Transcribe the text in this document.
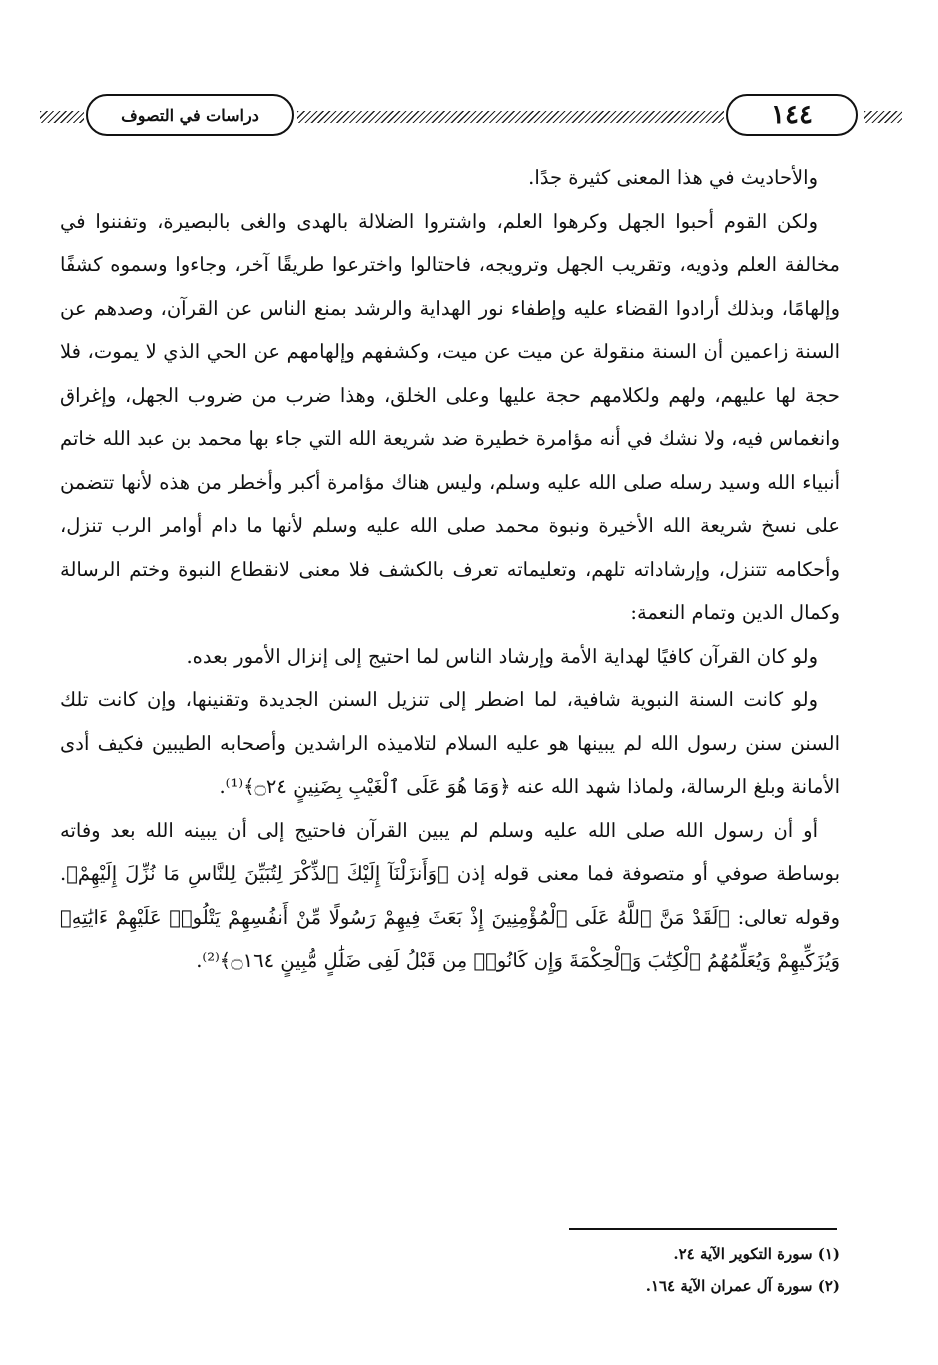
١٤٤
دراسات في التصوف

والأحاديث في هذا المعنى كثيرة جدًا.

ولكن القوم أحبوا الجهل وكرهوا العلم، واشتروا الضلالة بالهدى والغى بالبصيرة، وتفننوا في مخالفة العلم وذويه، وتقريب الجهل وترويجه، فاحتالوا واخترعوا طريقًا آخر، وجاءوا وسموه كشفًا وإلهامًا، وبذلك أرادوا القضاء عليه وإطفاء نور الهداية والرشد بمنع الناس عن القرآن، وصدهم عن السنة زاعمين أن السنة منقولة عن ميت عن ميت، وكشفهم وإلهامهم عن الحي الذي لا يموت، فلا حجة لها عليهم، ولهم ولكلامهم حجة عليها وعلى الخلق، وهذا ضرب من ضروب الجهل، وإغراق وانغماس فيه، ولا نشك في أنه مؤامرة خطيرة ضد شريعة الله التي جاء بها محمد بن عبد الله خاتم أنبياء الله وسيد رسله صلى الله عليه وسلم، وليس هناك مؤامرة أكبر وأخطر من هذه لأنها تتضمن على نسخ شريعة الله الأخيرة ونبوة محمد صلى الله عليه وسلم لأنها ما دام أوامر الرب تنزل، وأحكامه تتنزل، وإرشاداته تلهم، وتعليماته تعرف بالكشف فلا معنى لانقطاع النبوة وختم الرسالة وكمال الدين وتمام النعمة:

ولو كان القرآن كافيًا لهداية الأمة وإرشاد الناس لما احتيج إلى إنزال الأمور بعده.

ولو كانت السنة النبوية شافية، لما اضطر إلى تنزيل السنن الجديدة وتقنينها، وإن كانت تلك السنن سنن رسول الله لم يبينها هو عليه السلام لتلاميذه الراشدين وأصحابه الطيبين فكيف أدى الأمانة وبلغ الرسالة، ولماذا شهد الله عنه ﴿وَمَا هُوَ عَلَى ٱلْغَيْبِ بِضَنِينٍ ۝٢٤﴾⁽¹⁾.

أو أن رسول الله صلى الله عليه وسلم لم يبين القرآن فاحتيج إلى أن يبينه الله بعد وفاته بوساطة صوفي أو متصوفة فما معنى قوله إذن ﴿وَأَنزَلْنَآ إِلَيْكَ ٱلذِّكْرَ لِتُبَيِّنَ لِلنَّاسِ مَا نُزِّلَ إِلَيْهِمْ﴾. وقوله تعالى: ﴿لَقَدْ مَنَّ ٱللَّهُ عَلَى ٱلْمُؤْمِنِينَ إِذْ بَعَثَ فِيهِمْ رَسُولًا مِّنْ أَنفُسِهِمْ يَتْلُوا۟ عَلَيْهِمْ ءَايَٰتِهِۦ وَيُزَكِّيهِمْ وَيُعَلِّمُهُمُ ٱلْكِتَٰبَ وَٱلْحِكْمَةَ وَإِن كَانُوا۟ مِن قَبْلُ لَفِى ضَلَٰلٍ مُّبِينٍ ۝١٦٤﴾⁽²⁾.

(١) سورة التكوير الآية ٢٤.

(٢) سورة آل عمران الآية ١٦٤.
